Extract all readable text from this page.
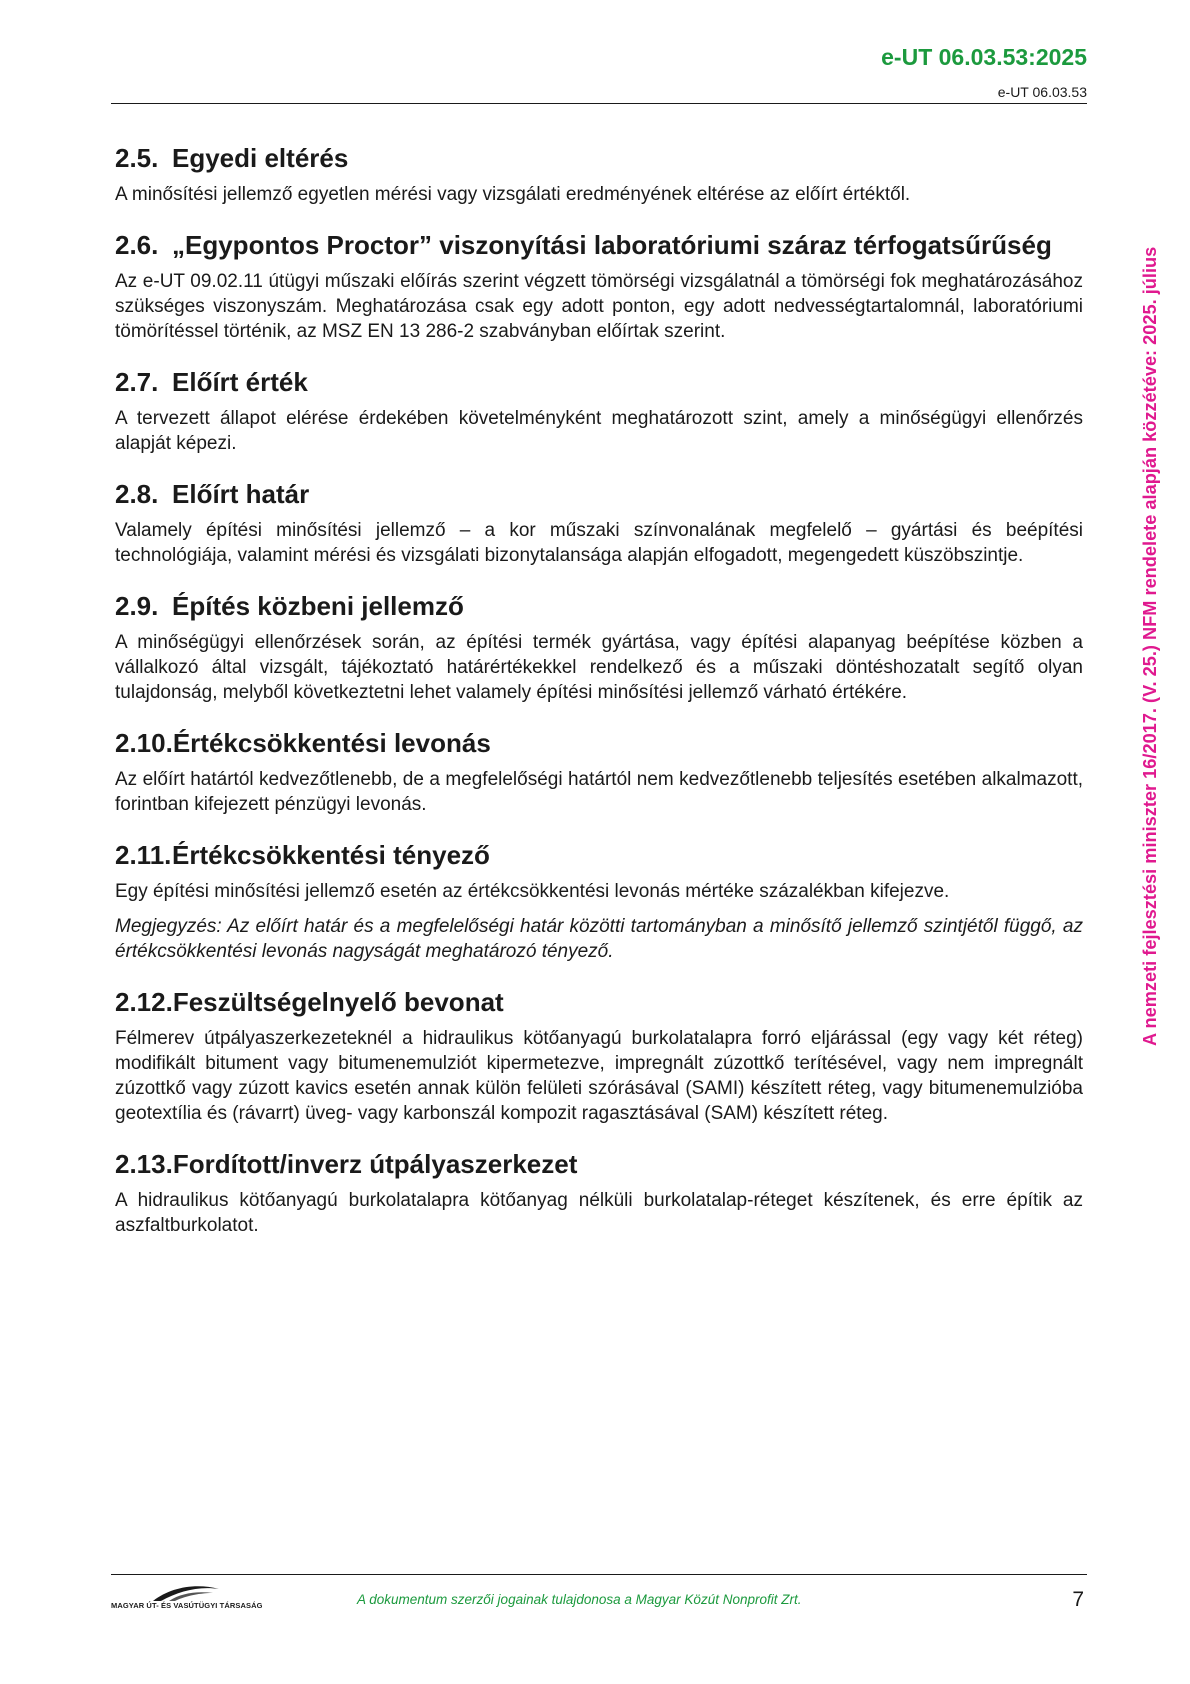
e-UT 06.03.53:2025
e-UT 06.03.53
2.5. Egyedi eltérés

A minősítési jellemző egyetlen mérési vagy vizsgálati eredményének eltérése az előírt értéktől.

2.6. „Egypontos Proctor” viszonyítási laboratóriumi száraz térfogatsűrűség

Az e-UT 09.02.11 útügyi műszaki előírás szerint végzett tömörségi vizsgálatnál a tömörségi fok meghatározásához szükséges viszonyszám. Meghatározása csak egy adott ponton, egy adott nedvességtartalomnál, laboratóriumi tömörítéssel történik, az MSZ EN 13 286-2 szabványban előírtak szerint.

2.7. Előírt érték

A tervezett állapot elérése érdekében követelményként meghatározott szint, amely a minőségügyi ellenőrzés alapját képezi.

2.8. Előírt határ

Valamely építési minősítési jellemző – a kor műszaki színvonalának megfelelő – gyártási és beépítési technológiája, valamint mérési és vizsgálati bizonytalansága alapján elfogadott, megengedett küszöbszintje.

2.9. Építés közbeni jellemző

A minőségügyi ellenőrzések során, az építési termék gyártása, vagy építési alapanyag beépítése közben a vállalkozó által vizsgált, tájékoztató határértékekkel rendelkező és a műszaki döntéshozatalt segítő olyan tulajdonság, melyből következtetni lehet valamely építési minősítési jellemző várható értékére.

2.10.Értékcsökkentési levonás

Az előírt határtól kedvezőtlenebb, de a megfelelőségi határtól nem kedvezőtlenebb teljesítés esetében alkalmazott, forintban kifejezett pénzügyi levonás.

2.11.Értékcsökkentési tényező

Egy építési minősítési jellemző esetén az értékcsökkentési levonás mértéke százalékban kifejezve.

Megjegyzés: Az előírt határ és a megfelelőségi határ közötti tartományban a minősítő jellemző szintjétől függő, az értékcsökkentési levonás nagyságát meghatározó tényező.

2.12.Feszültségelnyelő bevonat

Félmerev útpályaszerkezeteknél a hidraulikus kötőanyagú burkolatalapra forró eljárással (egy vagy két réteg) modifikált bitument vagy bitumenemulziót kipermetezve, impregnált zúzottkő terítésével, vagy nem impregnált zúzottkő vagy zúzott kavics esetén annak külön felületi szórásával (SAMI) készített réteg, vagy bitumenemulzióba geotextília és (rávarrt) üveg- vagy karbonszál kompozit ragasztásával (SAM) készített réteg.

2.13.Fordított/inverz útpályaszerkezet

A hidraulikus kötőanyagú burkolatalapra kötőanyag nélküli burkolatalap-réteget készítenek, és erre építik az aszfaltburkolatot.

A nemzeti fejlesztési miniszter 16/2017. (V. 25.) NFM rendelete alapján közzétéve: 2025. július
MAGYAR ÚT- ÉS VASÚTÜGYI TÁRSASÁG	A dokumentum szerzői jogainak tulajdonosa a Magyar Közút Nonprofit Zrt.	7
